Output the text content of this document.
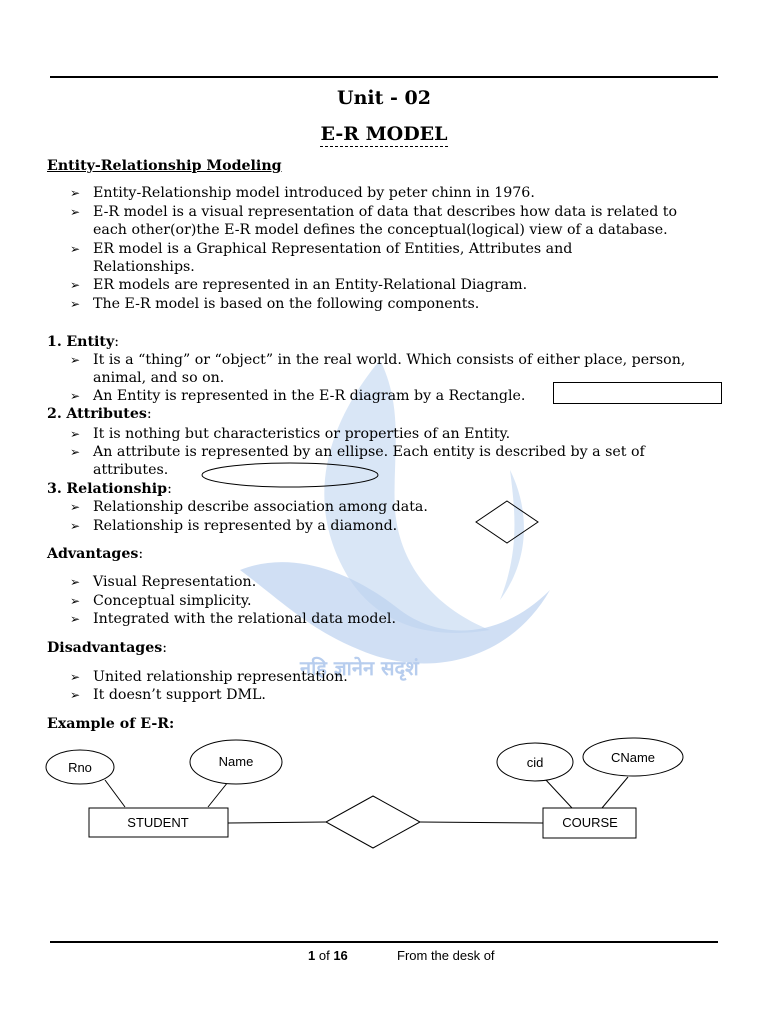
नहि ज्ञानेन सदृशं
Unit - 02
E-R MODEL
Entity-Relationship Modeling
➢ Entity-Relationship model introduced by peter chinn in 1976.
➢ E-R model is a visual representation of data that describes how data is related to
each other(or)the E-R model defines the conceptual(logical) view of a database.
➢ ER model is a Graphical Representation of Entities, Attributes and
Relationships.
➢ ER models are represented in an Entity-Relational Diagram.
➢ The E-R model is based on the following components.
1. Entity:
➢ It is a “thing” or “object” in the real world. Which consists of either place, person,
animal, and so on.
➢ An Entity is represented in the E-R diagram by a Rectangle.
2. Attributes:
➢ It is nothing but characteristics or properties of an Entity.
➢ An attribute is represented by an ellipse. Each entity is described by a set of
attributes.
3. Relationship:
➢ Relationship describe association among data.
➢ Relationship is represented by a diamond.
Advantages:
➢ Visual Representation.
➢ Conceptual simplicity.
➢ Integrated with the relational data model.
Disadvantages:
➢ United relationship representation.
➢ It doesn’t support DML.
Example of E-R:
Rno	Name	cid	CName
STUDENT	COURSE
1 of 16	From the desk of
